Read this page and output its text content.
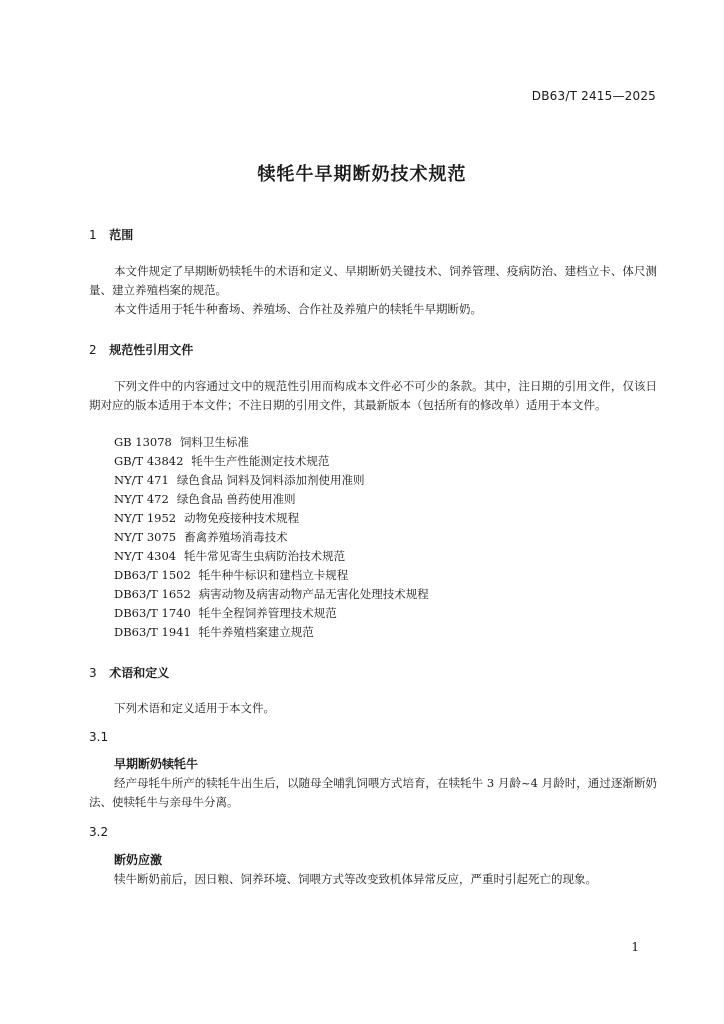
DB63/T 2415—2025
犊牦牛早期断奶技术规范
1 范围
本文件规定了早期断奶犊牦牛的术语和定义、早期断奶关键技术、饲养管理、疫病防治、建档立卡、体尺测量、建立养殖档案的规范。
本文件适用于牦牛种畜场、养殖场、合作社及养殖户的犊牦牛早期断奶。
2 规范性引用文件
下列文件中的内容通过文中的规范性引用而构成本文件必不可少的条款。其中，注日期的引用文件，仅该日期对应的版本适用于本文件；不注日期的引用文件，其最新版本（包括所有的修改单）适用于本文件。
GB 13078 饲料卫生标准
GB/T 43842 牦牛生产性能测定技术规范
NY/T 471 绿色食品 饲料及饲料添加剂使用准则
NY/T 472 绿色食品 兽药使用准则
NY/T 1952 动物免疫接种技术规程
NY/T 3075 畜禽养殖场消毒技术
NY/T 4304 牦牛常见寄生虫病防治技术规范
DB63/T 1502 牦牛种牛标识和建档立卡规程
DB63/T 1652 病害动物及病害动物产品无害化处理技术规程
DB63/T 1740 牦牛全程饲养管理技术规范
DB63/T 1941 牦牛养殖档案建立规范
3 术语和定义
下列术语和定义适用于本文件。
3.1
早期断奶犊牦牛
经产母牦牛所产的犊牦牛出生后，以随母全哺乳饲喂方式培育，在犊牦牛 3 月龄~4 月龄时，通过逐渐断奶法、使犊牦牛与亲母牛分离。
3.2
断奶应激
犊牛断奶前后，因日粮、饲养环境、饲喂方式等改变致机体异常反应，严重时引起死亡的现象。
1
